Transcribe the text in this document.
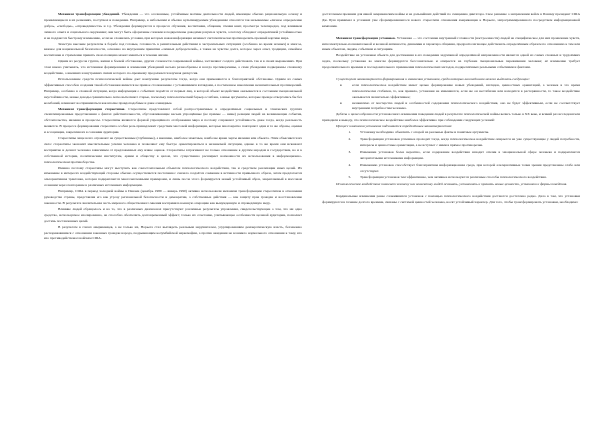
Механизм трансформации убеждений. Убеждения — это осознанные, устойчивые мотивы деятельности людей, имеющие обычно рациональную основу и проявляющиеся в их решениях, поступках и поведении. Например, к небольшим и обычно культивируемым убеждениям относятся так называемые «личное определение добра», «свободы», «справедливости» и т.д. Убеждения формируются в процессе обучения, воспитания, общения, чтения книг, просмотра телепередач, под влиянием личного опыта и социального окружения; они могут быть оформлены словами и подкреплены доводами разума и чувств, а потому обладают определённой устойчивостью и не поддаются быстрому изменению, если не сложились условия, при которых новая информация начинает систематически противоречить прежней картине мира.

Зачастую высокие результаты в борьбе под готовые, готовность к решительным действиям в экстремальных ситуациях (особенно во время ночных) и многое, важное для национальной безопасности, основано на внутреннем принятии «личных добродетелей», а также на чувстве долга, которое через опыт, традиции, семейное воспитание и стремление принять свою позицию может меняться в течение жизни.

Одним из ресурсов группа, жизни в боевой обстановке, других сложности современной войны, заставляют солдата действовать так и в своих выражениях. При этом важно учитывать, что источники формирования и изменения убеждений весьма разнообразны и всегда противоречивы, а сами убеждения подвержены сложному воздействию, о внешних и внутренних связях которого по-прежнему продолжается научная дискуссия.

Использование средств психологической войны дает наилучшие результаты тогда, когда они применяются в благоприятной обстановке. Одним из самых эффективных способов создания такой обстановки является не прямое столкновение с устоявшимися взглядами, а постепенное накопление незначительных противоречий. Например, особенно в сложной ситуации, когда информация о событиях подаётся от первых лиц, в которой объект воздействия оказывается в состоянии эмоциональной неустойчивости, новые доводы сравнительно легко вытесняют старые, поскольку психологический барьер ослаблен, а иные аргументы, которые прежде отвергались бы без колебаний, начинают восприниматься как вполне правдоподобные и даже очевидные.

Механизм трансформации стереотипов. Стереотипы представляют собой распространённые в определённых социальных и этнических группах схематизированные представления о фактах действительности, обусловливающие весьма упрощённые (не прямые — ниже) реакции людей на возникающие события, обстоятельства, явления и процессы. Стереотипы являются формой упрощённого отображения мира и поэтому сохраняют устойчивость даже тогда, когда реальность меняется. В процессе формирования стереотипа особая роль принадлежит средствам массовой информации, которые многократно повторяют одни и те же образы, оценки и ассоциации, закрепляя их в сознании аудитории.

Стереотипы чаще всего отражают не существенные (глубинные), а внешние, наиболее заметные, наиболее яркие черты явления или объекта. Этим объясняется их сила: стереотипы экономят мыслительные усилия человека и позволяют ему быстро ориентироваться в незнакомой ситуации, однако в то же время они искажают восприятие и делают человека зависимым от предложенных ему извне оценок. Стереотипы затрагивают не только отношение к другим народам и государствам, но и к собственной истории, политическим институтам, армии и обществу в целом, что существенно расширяет возможности их использования в информационно-психологическом противоборстве.

Именно поэтому стереотипы могут выступать как самостоятельным объектом психологического воздействия, так и средством реализации иных целей. Их изменение в интересах воздействующей стороны обычно осуществляется постепенно: сначала создаётся сомнение в истинности привычного образа, затем предлагается альтернативная трактовка, которая подкрепляется многочисленными примерами, и лишь после этого формируется новый устойчивый образ, закрепляемый в массовом сознании через повторение в различных источниках информации.

Например, США в период холодной войны в Панаме (декабрь 1989 — январь 1990) активно использовали механизм трансформации стереотипов в отношении руководства страны, представляя его как угрозу региональной безопасности и демократии, а собственные действия — как защиту прав граждан и восстановление законности. В результате значительная часть мирового общественного мнения восприняла военную операцию как вынужденную и справедливую меру.

Влияние людей обращалось и на то, что в различных диапазонах присутствуют различные результаты управления, свидетельствующие о том, что ни одно средство, используемое изолированно, не способно обеспечить долговременный эффект; только их сочетание, учитывающее особенности целевой аудитории, позволяет достичь поставленных целей.

В результате в глазах американцев, а не только их, Норьега стал выглядеть реальным нарушителем, узурпировавшим демократическую власть, беззаконно распоряжавшимся с отношении законных граждан народа, подрывающим колумбийской наркомафии, а против ожидания не возникло нормального отношения к тому, кто изо противодействовал войскам США.

достаточным прежним для явной американским войны и на дальнейших действий по смещению диктатора. Свое решение о направлении войск в Панаму президент США Дж. Буш принимал в условиях уже сформировавшегося нового стереотипа отношения американцев к Норьеге, запрограммированного посредством информационной кампании.

Механизм трансформации установок. Установка — это состояние внутренней готовности (настроенности) людей на специфическое для них проявление чувств, интеллектуально-познавательной и волевой активности, динамики и характера общения, предрасполагающее действовать определённым образом по отношению к тем или иным объектам, людям, событиям и ситуациям.

Воздействие на установки объекта для достижения в его поведении задуманной определённой направленности является одной из самых сложных и трудоёмких задач, поскольку установка во многом формируется бессознательно и опирается на глубокие эмоциональные переживания человека; её изменение требует продолжительного времени и последовательного применения психологических методов, подкреплённых реальными событиями и фактами.

Существуют закономерности формирования и изменения установок, среди которых важнейшими можно выделить следующие:

● если психологическое воздействие имеет целью формирование новых убеждений, взглядов, ценностных ориентаций, а человек в это время психологически стабилен, то, как правило, установки не изменяются, если же он нестабилен или находится в растерянности, то такое воздействие оказывается значительно эффективнее;
● независимо от мастерства людей и особенностей содержания психологического воздействия, оно не будет эффективным, если не соответствует внутренним потребностям человека.

Дебаты о целесообразности установочного изменения поведения людей в результате психологической войны велись только в XX веке, и всякий раз исследователи приходили к выводу, что психологическое воздействие наиболее эффективно при соблюдении следующих условий:

Процесс изменения установок подчиняется определённым закономерностям:

1. Установку необходимо объяснять с опорой на реальные факты и понятные аргументы.
2. Трансформация установок успешнее проходит тогда, когда психологическое воздействие опирается на уже существующие у людей потребности, интересы и ценностные ориентации, а не вступает с ними в прямое противоречие.
3. Изменение установок более вероятно, если содержание воздействия находит отклик в эмоциональной сфере человека и подкрепляется авторитетными источниками информации.
4. Изменению установок способствует благоприятная информационная среда, при которой альтернативные точки зрения представлены слабо или отсутствуют.
5. Трансформация установок тем эффективнее, чем активнее используются различные способы психологического воздействия.

Психологическое воздействие помогает человеку или коллективу людей осознать, установить и принять новые ценности, установки и формы поведения.

Кардинальные изменения ранее сложившихся установок с помощью психологического воздействия достаются достаточно редко. Дело в том, что установки формируются в течение долгого времени, связаны с системой ценностей человека, носят устойчивый характер. Для того, чтобы трансформировать установки, необходимо:
